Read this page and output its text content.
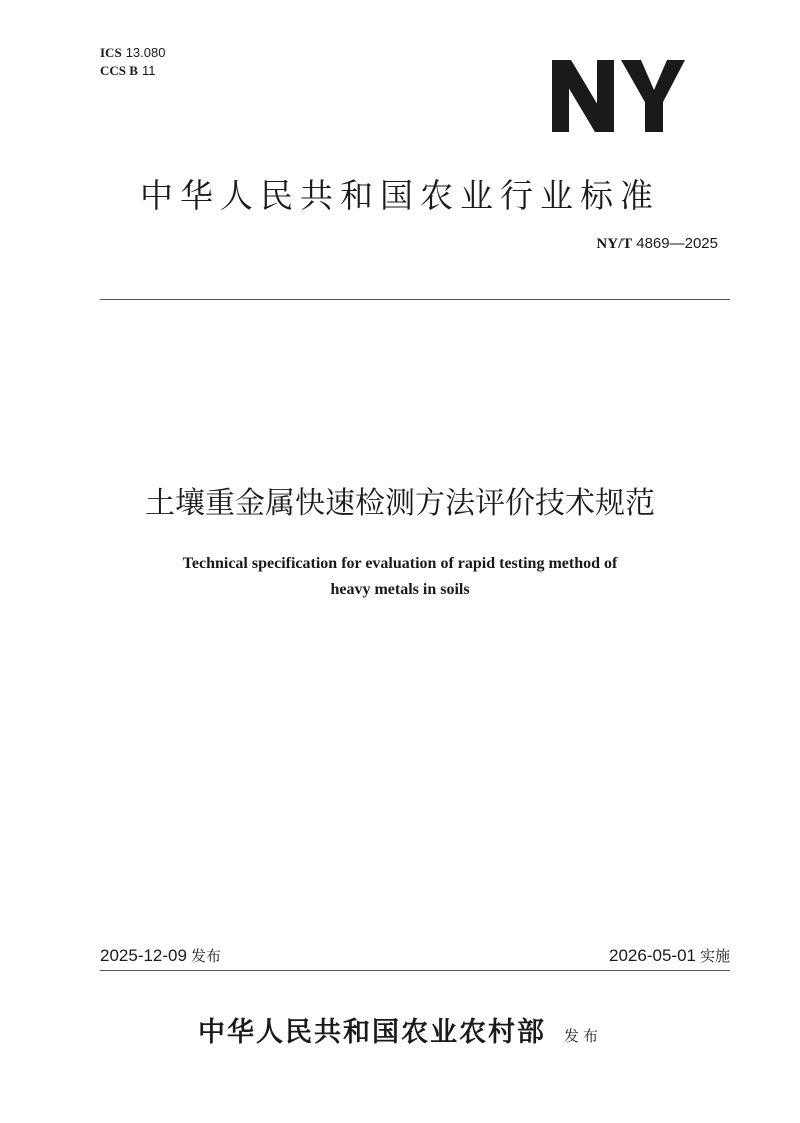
ICS 13.080
CCS B 11
中华人民共和国农业行业标准
NY/T 4869—2025
土壤重金属快速检测方法评价技术规范
Technical specification for evaluation of rapid testing method of
heavy metals in soils
2025-12-09 发布	2026-05-01 实施
中华人民共和国农业农村部 发布
